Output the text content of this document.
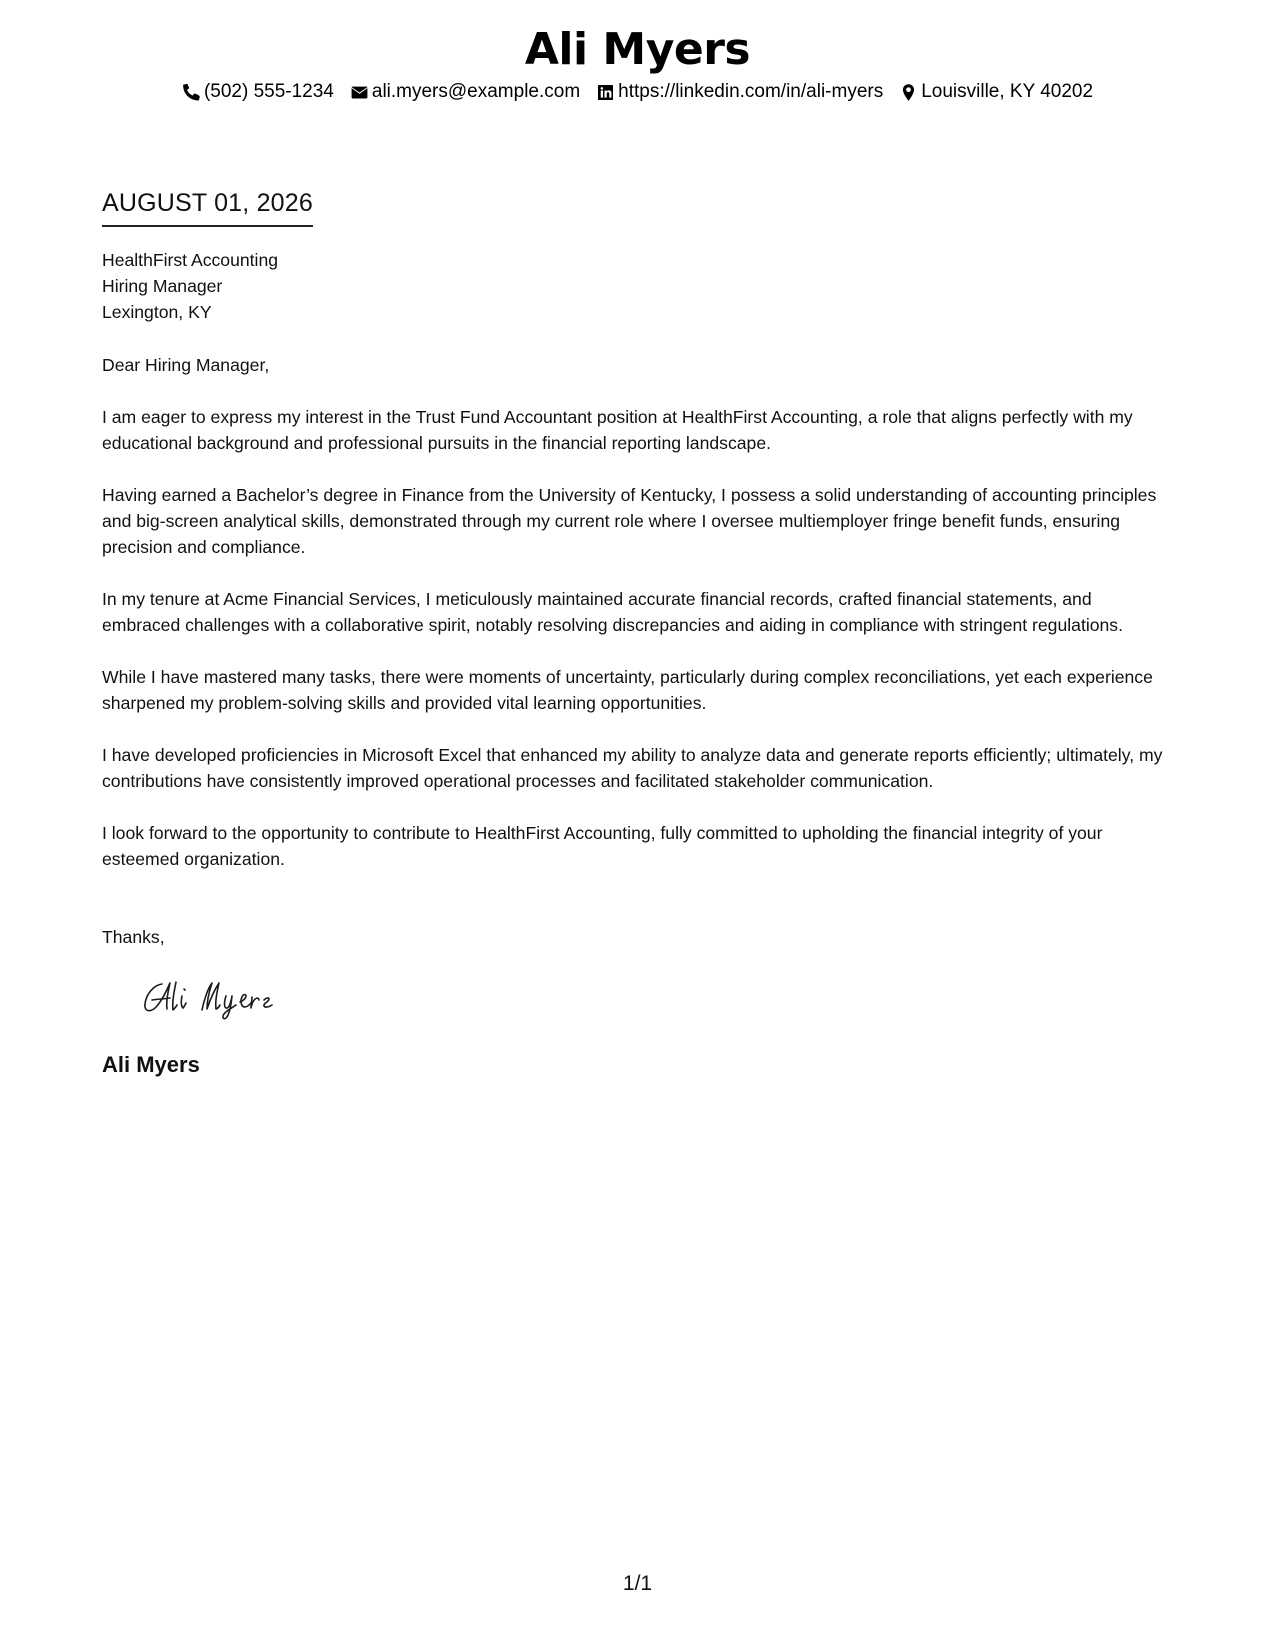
Ali Myers
(502) 555-1234 ali.myers@example.com https://linkedin.com/in/ali-myers Louisville, KY 40202
AUGUST 01, 2026
HealthFirst Accounting
Hiring Manager
Lexington, KY
Dear Hiring Manager,

I am eager to express my interest in the Trust Fund Accountant position at HealthFirst Accounting, a role that aligns perfectly with my educational background and professional pursuits in the financial reporting landscape.

Having earned a Bachelor’s degree in Finance from the University of Kentucky, I possess a solid understanding of accounting principles and big-screen analytical skills, demonstrated through my current role where I oversee multiemployer fringe benefit funds, ensuring precision and compliance.

In my tenure at Acme Financial Services, I meticulously maintained accurate financial records, crafted financial statements, and embraced challenges with a collaborative spirit, notably resolving discrepancies and aiding in compliance with stringent regulations.

While I have mastered many tasks, there were moments of uncertainty, particularly during complex reconciliations, yet each experience sharpened my problem-solving skills and provided vital learning opportunities.

I have developed proficiencies in Microsoft Excel that enhanced my ability to analyze data and generate reports efficiently; ultimately, my contributions have consistently improved operational processes and facilitated stakeholder communication.

I look forward to the opportunity to contribute to HealthFirst Accounting, fully committed to upholding the financial integrity of your esteemed organization.

Thanks,
Ali Myers
1/1
